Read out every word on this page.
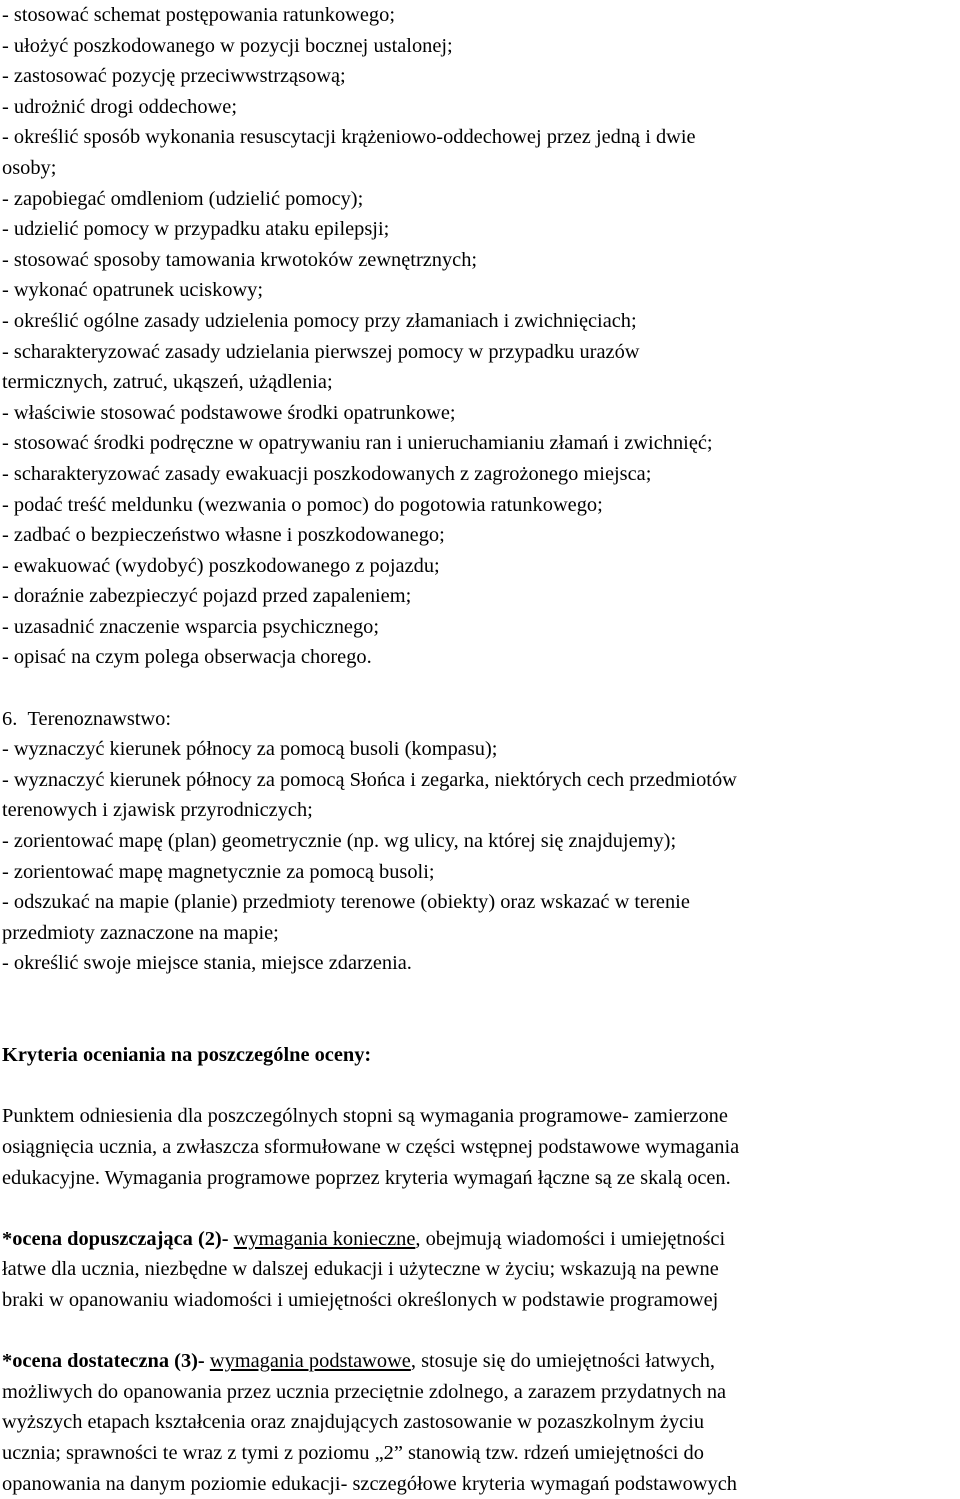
- stosować schemat postępowania ratunkowego;

- ułożyć poszkodowanego w pozycji bocznej ustalonej;

- zastosować pozycję przeciwwstrząsową;

- udrożnić drogi oddechowe;

- określić sposób wykonania resuscytacji krążeniowo-oddechowej przez jedną i dwie

osoby;

- zapobiegać omdleniom (udzielić pomocy);

- udzielić pomocy w przypadku ataku epilepsji;

- stosować sposoby tamowania krwotoków zewnętrznych;

- wykonać opatrunek uciskowy;

- określić ogólne zasady udzielenia pomocy przy złamaniach i zwichnięciach;

- scharakteryzować zasady udzielania pierwszej pomocy w przypadku urazów

termicznych, zatruć, ukąszeń, użądlenia;

- właściwie stosować podstawowe środki opatrunkowe;

- stosować środki podręczne w opatrywaniu ran i unieruchamianiu złamań i zwichnięć;

- scharakteryzować zasady ewakuacji poszkodowanych z zagrożonego miejsca;

- podać treść meldunku (wezwania o pomoc) do pogotowia ratunkowego;

- zadbać o bezpieczeństwo własne i poszkodowanego;

- ewakuować (wydobyć) poszkodowanego z pojazdu;

- doraźnie zabezpieczyć pojazd przed zapaleniem;

- uzasadnić znaczenie wsparcia psychicznego;

- opisać na czym polega obserwacja chorego.

6. Terenoznawstwo:

- wyznaczyć kierunek północy za pomocą busoli (kompasu);

- wyznaczyć kierunek północy za pomocą Słońca i zegarka, niektórych cech przedmiotów

terenowych i zjawisk przyrodniczych;

- zorientować mapę (plan) geometrycznie (np. wg ulicy, na której się znajdujemy);

- zorientować mapę magnetycznie za pomocą busoli;

- odszukać na mapie (planie) przedmioty terenowe (obiekty) oraz wskazać w terenie

przedmioty zaznaczone na mapie;

- określić swoje miejsce stania, miejsce zdarzenia.

Kryteria oceniania na poszczególne oceny:

Punktem odniesienia dla poszczególnych stopni są wymagania programowe- zamierzone

osiągnięcia ucznia, a zwłaszcza sformułowane w części wstępnej podstawowe wymagania

edukacyjne. Wymagania programowe poprzez kryteria wymagań łączne są ze skalą ocen.

*ocena dopuszczająca (2)- wymagania konieczne, obejmują wiadomości i umiejętności

łatwe dla ucznia, niezbędne w dalszej edukacji i użyteczne w życiu; wskazują na pewne

braki w opanowaniu wiadomości i umiejętności określonych w podstawie programowej

*ocena dostateczna (3)- wymagania podstawowe, stosuje się do umiejętności łatwych,

możliwych do opanowania przez ucznia przeciętnie zdolnego, a zarazem przydatnych na

wyższych etapach kształcenia oraz znajdujących zastosowanie w pozaszkolnym życiu

ucznia; sprawności te wraz z tymi z poziomu „2” stanowią tzw. rdzeń umiejętności do

opanowania na danym poziomie edukacji- szczegółowe kryteria wymagań podstawowych
